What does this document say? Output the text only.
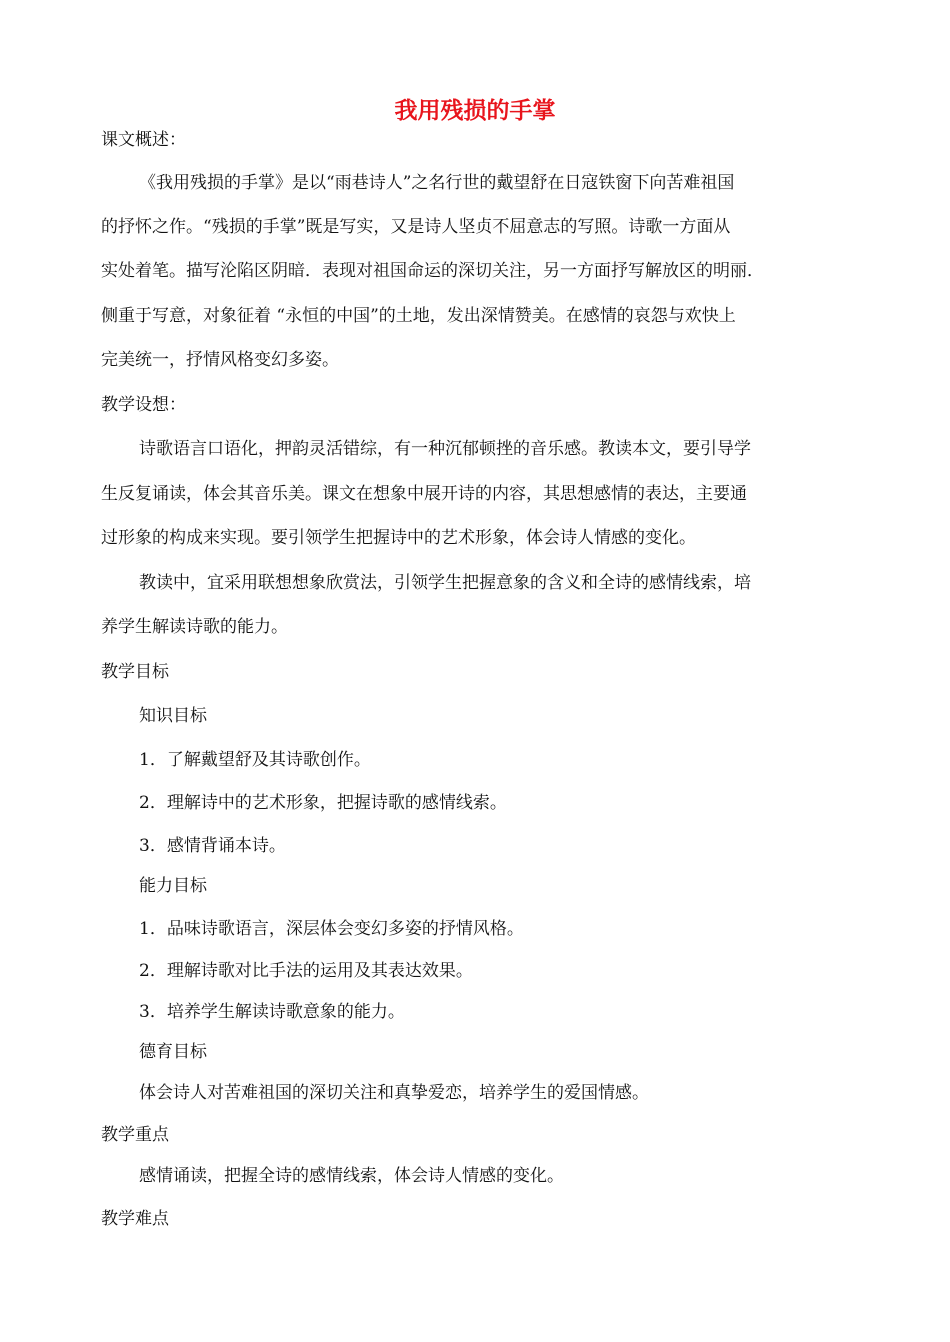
我用残损的手掌

课文概述：

《我用残损的手掌》是以“雨巷诗人”之名行世的戴望舒在日寇铁窗下向苦难祖国

的抒怀之作。“残损的手掌”既是写实，又是诗人坚贞不屈意志的写照。诗歌一方面从

实处着笔。描写沦陷区阴暗．表现对祖国命运的深切关注，另一方面抒写解放区的明丽．

侧重于写意，对象征着 “永恒的中国”的土地，发出深情赞美。在感情的哀怨与欢快上

完美统一，抒情风格变幻多姿。

教学设想：

诗歌语言口语化，押韵灵活错综，有一种沉郁顿挫的音乐感。教读本文，要引导学

生反复诵读，体会其音乐美。课文在想象中展开诗的内容，其思想感情的表达，主要通

过形象的构成来实现。要引领学生把握诗中的艺术形象，体会诗人情感的变化。

教读中，宜采用联想想象欣赏法，引领学生把握意象的含义和全诗的感情线索，培

养学生解读诗歌的能力。

教学目标

知识目标

1．了解戴望舒及其诗歌创作。

2．理解诗中的艺术形象，把握诗歌的感情线索。

3．感情背诵本诗。

能力目标

1．品味诗歌语言，深层体会变幻多姿的抒情风格。

2．理解诗歌对比手法的运用及其表达效果。

3．培养学生解读诗歌意象的能力。

德育目标

体会诗人对苦难祖国的深切关注和真挚爱恋，培养学生的爱国情感。

教学重点

感情诵读，把握全诗的感情线索，体会诗人情感的变化。

教学难点
